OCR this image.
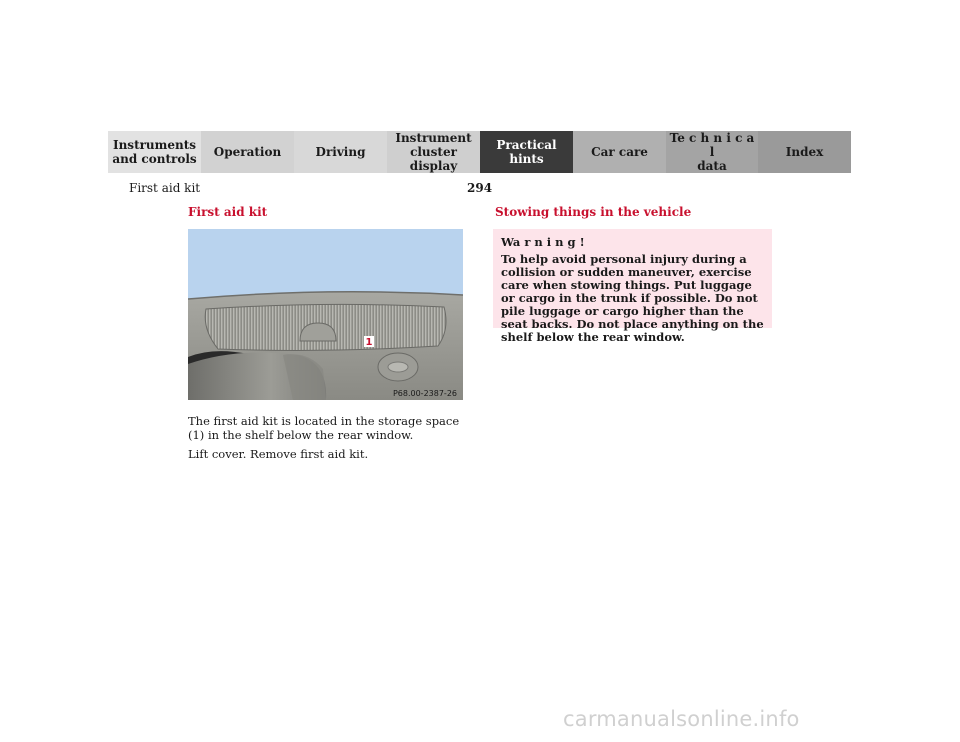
Instruments
and controls	Operation	Driving
Instrument
cluster display
Practical hints	Car care
Te c h n i c a l
data
Index
First aid kit	294
First aid kit
1
P68.00-2387-26
The first aid kit is located in the storage space (1) in the shelf below the rear window.
Lift cover. Remove first aid kit.
Stowing things in the vehicle
Wa r n i n g !
To help avoid personal injury during a collision or sudden maneuver, exercise care when stowing things. Put luggage or cargo in the trunk if possible. Do not pile luggage or cargo higher than the seat backs. Do not place anything on the shelf below the rear window.
carmanualsonline.info
